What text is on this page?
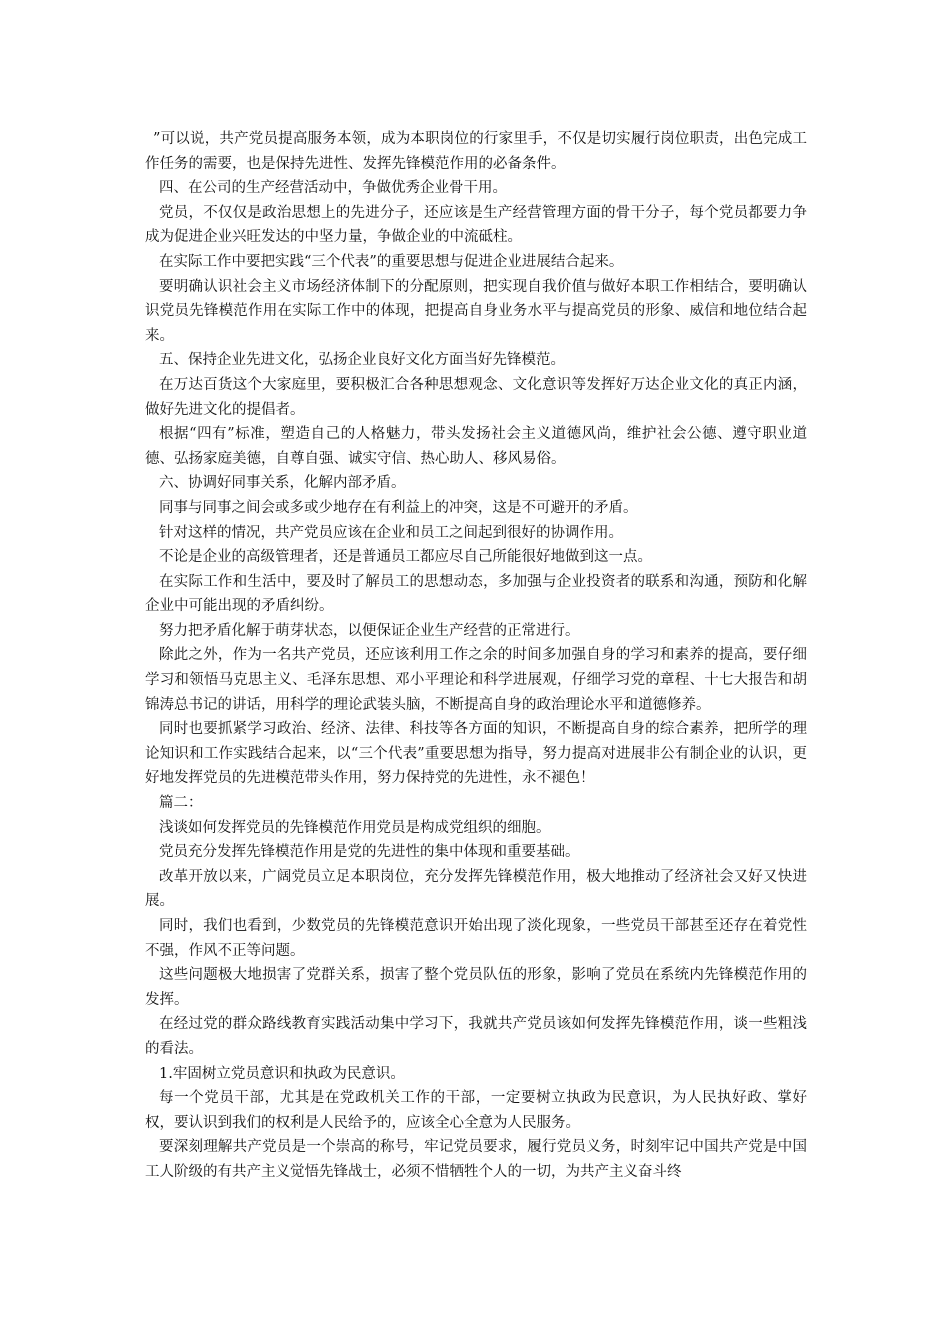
”可以说，共产党员提高服务本领，成为本职岗位的行家里手，不仅是切实履行岗位职责，出色完成工作任务的需要，也是保持先进性、发挥先锋模范作用的必备条件。

四、在公司的生产经营活动中，争做优秀企业骨干用。

党员，不仅仅是政治思想上的先进分子，还应该是生产经营管理方面的骨干分子，每个党员都要力争成为促进企业兴旺发达的中坚力量，争做企业的中流砥柱。

在实际工作中要把实践“三个代表”的重要思想与促进企业进展结合起来。

要明确认识社会主义市场经济体制下的分配原则，把实现自我价值与做好本职工作相结合，要明确认识党员先锋模范作用在实际工作中的体现，把提高自身业务水平与提高党员的形象、威信和地位结合起来。

五、保持企业先进文化，弘扬企业良好文化方面当好先锋模范。

在万达百货这个大家庭里，要积极汇合各种思想观念、文化意识等发挥好万达企业文化的真正内涵，做好先进文化的提倡者。

根据“四有”标准，塑造自己的人格魅力，带头发扬社会主义道德风尚，维护社会公德、遵守职业道德、弘扬家庭美德，自尊自强、诚实守信、热心助人、移风易俗。

六、协调好同事关系，化解内部矛盾。

同事与同事之间会或多或少地存在有利益上的冲突，这是不可避开的矛盾。

针对这样的情况，共产党员应该在企业和员工之间起到很好的协调作用。

不论是企业的高级管理者，还是普通员工都应尽自己所能很好地做到这一点。

在实际工作和生活中，要及时了解员工的思想动态，多加强与企业投资者的联系和沟通，预防和化解企业中可能出现的矛盾纠纷。

努力把矛盾化解于萌芽状态，以便保证企业生产经营的正常进行。

除此之外，作为一名共产党员，还应该利用工作之余的时间多加强自身的学习和素养的提高，要仔细学习和领悟马克思主义、毛泽东思想、邓小平理论和科学进展观，仔细学习党的章程、十七大报告和胡锦涛总书记的讲话，用科学的理论武装头脑，不断提高自身的政治理论水平和道德修养。

同时也要抓紧学习政治、经济、法律、科技等各方面的知识，不断提高自身的综合素养，把所学的理论知识和工作实践结合起来，以“三个代表”重要思想为指导，努力提高对进展非公有制企业的认识，更好地发挥党员的先进模范带头作用，努力保持党的先进性，永不褪色！

篇二：

浅谈如何发挥党员的先锋模范作用党员是构成党组织的细胞。

党员充分发挥先锋模范作用是党的先进性的集中体现和重要基础。

改革开放以来，广阔党员立足本职岗位，充分发挥先锋模范作用，极大地推动了经济社会又好又快进展。

同时，我们也看到，少数党员的先锋模范意识开始出现了淡化现象，一些党员干部甚至还存在着党性不强，作风不正等问题。

这些问题极大地损害了党群关系，损害了整个党员队伍的形象，影响了党员在系统内先锋模范作用的发挥。

在经过党的群众路线教育实践活动集中学习下，我就共产党员该如何发挥先锋模范作用，谈一些粗浅的看法。

1.牢固树立党员意识和执政为民意识。

每一个党员干部，尤其是在党政机关工作的干部，一定要树立执政为民意识，为人民执好政、掌好权，要认识到我们的权利是人民给予的，应该全心全意为人民服务。

要深刻理解共产党员是一个崇高的称号，牢记党员要求，履行党员义务，时刻牢记中国共产党是中国工人阶级的有共产主义觉悟先锋战士，必须不惜牺牲个人的一切，为共产主义奋斗终
